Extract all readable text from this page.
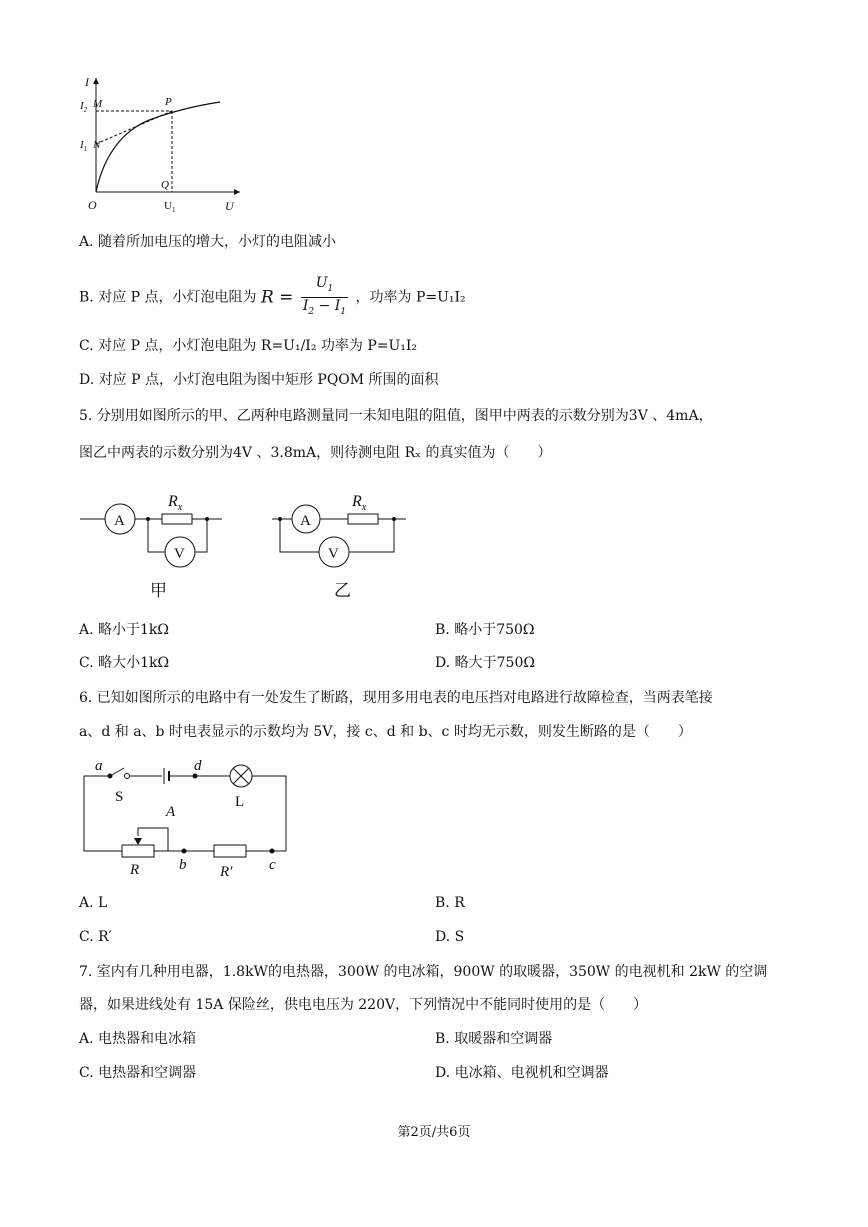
I
U
O
$I_2$ M	P
$I_1$ N
Q
$U_1$
A. 随着所加电压的增大，小灯的电阻减小
B. 对应 P 点，小灯泡电阻为 $R = \frac{U_1}{I_2 - I_1}$ ，功率为 P=U₁I₂
C. 对应 P 点，小灯泡电阻为 R=U₁/I₂ 功率为 P=U₁I₂
D. 对应 P 点，小灯泡电阻为图中矩形 PQOM 所围的面积
5. 分别用如图所示的甲、乙两种电路测量同一未知电阻的阻值，图甲中两表的示数分别为3V 、4mA，
图乙中两表的示数分别为4V 、3.8mA，则待测电阻 Rₓ 的真实值为（　　）
A
V
$R_x$
甲
A
V
$R_x$
乙
A. 略小于1kΩ	B. 略小于750Ω
C. 略大小1kΩ	D. 略大于750Ω
6. 已知如图所示的电路中有一处发生了断路，现用多用电表的电压挡对电路进行故障检查，当两表笔接
a、d 和 a、b 时电表显示的示数均为 5V，接 c、d 和 b、c 时均无示数，则发生断路的是（　　）
a	d
S	L
A
R	b R′ c
A. L	B. R
C. R′	D. S
7. 室内有几种用电器，1.8kW的电热器，300W 的电冰箱，900W 的取暖器，350W 的电视机和 2kW 的空调
器，如果进线处有 15A 保险丝，供电电压为 220V，下列情况中不能同时使用的是（　　）
A. 电热器和电冰箱	B. 取暖器和空调器
C. 电热器和空调器	D. 电冰箱、电视机和空调器
第2页/共6页
